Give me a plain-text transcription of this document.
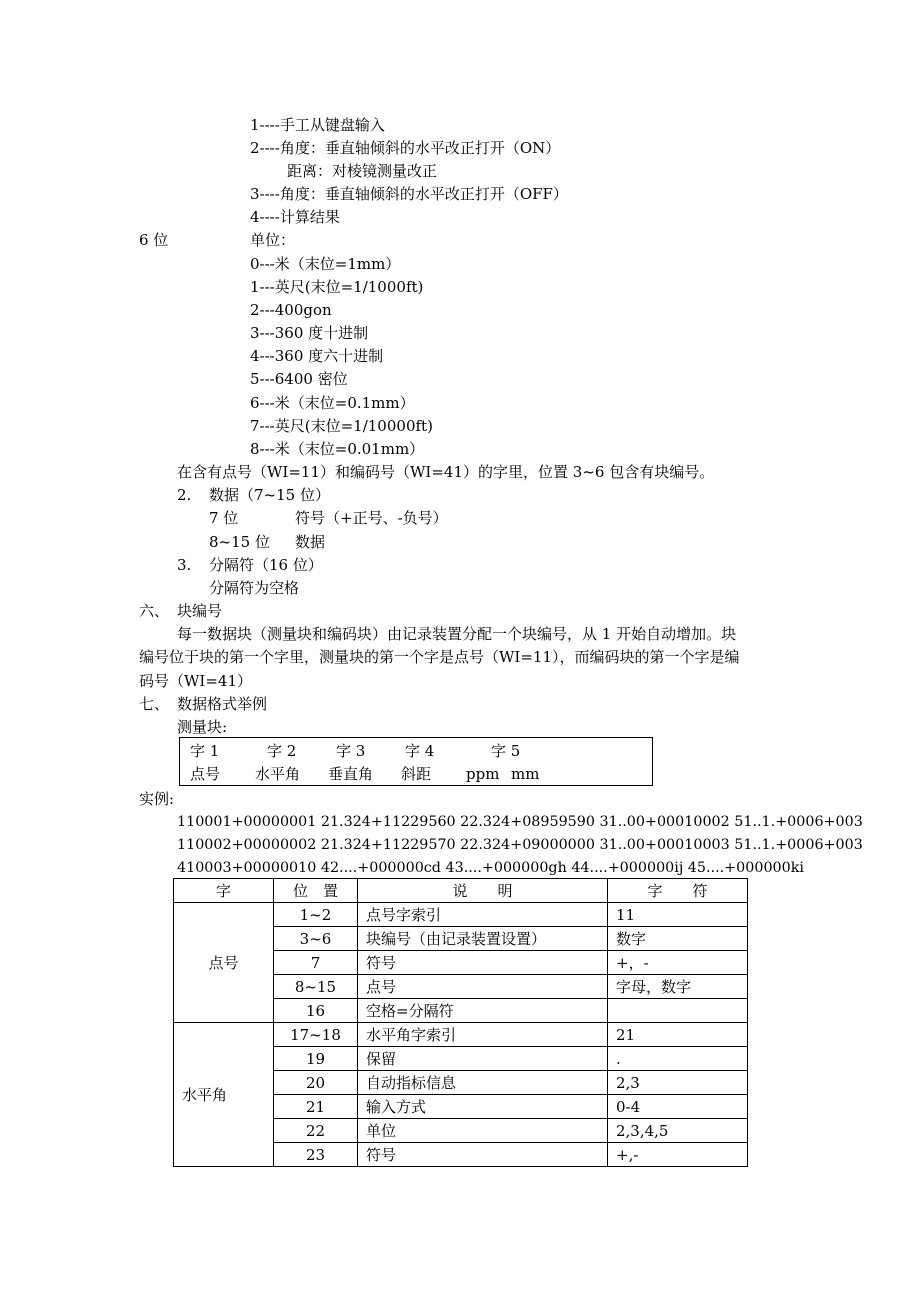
1----手工从键盘输入
2----角度：垂直轴倾斜的水平改正打开（ON）
距离：对棱镜测量改正
3----角度：垂直轴倾斜的水平改正打开（OFF）
4----计算结果
6 位	单位：
0---米（末位=1mm）
1---英尺(末位=1/1000ft)
2---400gon
3---360 度十进制
4---360 度六十进制
5---6400 密位
6---米（末位=0.1mm）
7---英尺(末位=1/10000ft)
8---米（末位=0.01mm）
在含有点号（WI=11）和编码号（WI=41）的字里，位置 3~6 包含有块编号。
2. 数据（7~15 位）
7 位	符号（+正号、-负号）
8~15 位 数据
3. 分隔符（16 位）
分隔符为空格
六、 块编号
每一数据块（测量块和编码块）由记录装置分配一个块编号，从 1 开始自动增加。块
编号位于块的第一个字里，测量块的第一个字是点号（WI=11），而编码块的第一个字是编
码号（WI=41）
七、 数据格式举例
测量块:
字 1	字 2	字 3	字 4	字 5
点号 水平角 垂直角 斜距 ppm mm
实例:
110001+00000001 21.324+11229560 22.324+08959590 31..00+00010002 51..1.+0006+003
110002+00000002 21.324+11229570 22.324+09000000 31..00+00010003 51..1.+0006+003
410003+00000010 42....+000000cd 43....+000000gh 44....+000000ij 45....+000000ki
字	位　置	说　　明	字　　符
点号	1~2	点号字索引	11
	3~6	块编号（由记录装置设置）	数字
	7	符号	+，-
	8~15	点号	字母，数字
	16	空格=分隔符	
水平角	17~18	水平角字索引	21
	19	保留	.
	20	自动指标信息	2,3
	21	输入方式	0-4
	22	单位	2,3,4,5
	23	符号	+,-
